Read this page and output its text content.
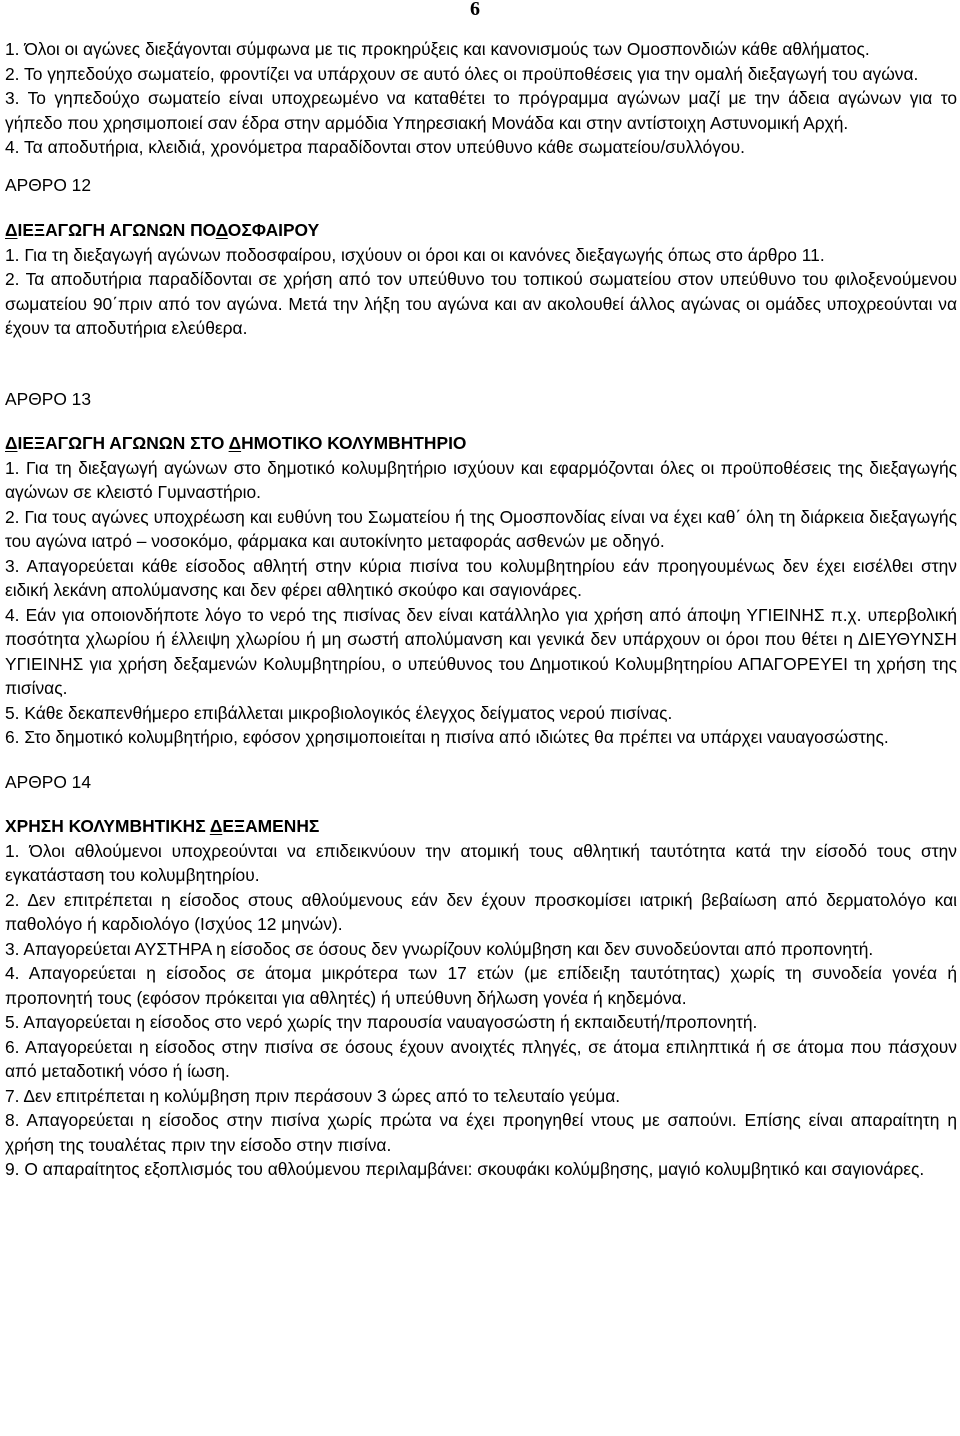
6

1. Όλοι οι αγώνες διεξάγονται σύμφωνα με τις προκηρύξεις και κανονισμούς των Ομοσπονδιών κάθε αθλήματος.

2. Το γηπεδούχο σωματείο, φροντίζει να υπάρχουν σε αυτό όλες οι προϋποθέσεις για την ομαλή διεξαγωγή του αγώνα.

3. Το γηπεδούχο σωματείο είναι υποχρεωμένο να καταθέτει το πρόγραμμα αγώνων μαζί με την άδεια αγώνων για το γήπεδο που χρησιμοποιεί σαν έδρα στην αρμόδια Υπηρεσιακή Μονάδα και στην αντίστοιχη Αστυνομική Αρχή.

4. Τα αποδυτήρια, κλειδιά, χρονόμετρα παραδίδονται στον υπεύθυνο κάθε σωματείου/συλλόγου.

ΑΡΘΡΟ 12

ΔΙΕΞΑΓΩΓΗ ΑΓΩΝΩΝ ΠΟΔΟΣΦΑΙΡΟΥ

1. Για τη διεξαγωγή αγώνων ποδοσφαίρου, ισχύουν οι όροι και οι κανόνες διεξαγωγής όπως στο άρθρο 11.

2. Τα αποδυτήρια παραδίδονται σε χρήση από τον υπεύθυνο του τοπικού σωματείου στον υπεύθυνο του φιλοξενούμενου σωματείου 90΄πριν από τον αγώνα. Μετά την λήξη του αγώνα και αν ακολουθεί άλλος αγώνας οι ομάδες υποχρεούνται να έχουν τα αποδυτήρια ελεύθερα.

ΑΡΘΡΟ 13

ΔΙΕΞΑΓΩΓΗ ΑΓΩΝΩΝ ΣΤΟ ΔΗΜΟΤΙΚΟ ΚΟΛΥΜΒΗΤΗΡΙΟ

1. Για τη διεξαγωγή αγώνων στο δημοτικό κολυμβητήριο ισχύουν και εφαρμόζονται όλες οι προϋποθέσεις της διεξαγωγής αγώνων σε κλειστό Γυμναστήριο.

2. Για τους αγώνες υποχρέωση και ευθύνη του Σωματείου ή της Ομοσπονδίας είναι να έχει καθ΄ όλη τη διάρκεια διεξαγωγής του αγώνα ιατρό – νοσοκόμο, φάρμακα και αυτοκίνητο μεταφοράς ασθενών με οδηγό.

3. Απαγορεύεται κάθε είσοδος αθλητή στην κύρια πισίνα του κολυμβητηρίου εάν προηγουμένως δεν έχει εισέλθει στην ειδική λεκάνη απολύμανσης και δεν φέρει αθλητικό σκούφο και σαγιονάρες.

4. Εάν για οποιονδήποτε λόγο το νερό της πισίνας δεν είναι κατάλληλο για χρήση από άποψη ΥΓΙΕΙΝΗΣ π.χ. υπερβολική ποσότητα χλωρίου ή έλλειψη χλωρίου ή μη σωστή απολύμανση και γενικά δεν υπάρχουν οι όροι που θέτει η ΔΙΕΥΘΥΝΣΗ ΥΓΙΕΙΝΗΣ για χρήση δεξαμενών Κολυμβητηρίου, ο υπεύθυνος του Δημοτικού Κολυμβητηρίου ΑΠΑΓΟΡΕΥΕΙ τη χρήση της πισίνας.

5. Κάθε δεκαπενθήμερο επιβάλλεται μικροβιολογικός έλεγχος δείγματος νερού πισίνας.

6. Στο δημοτικό κολυμβητήριο, εφόσον χρησιμοποιείται η πισίνα από ιδιώτες θα πρέπει να υπάρχει ναυαγοσώστης.

ΑΡΘΡΟ 14

ΧΡΗΣΗ ΚΟΛΥΜΒΗΤΙΚΗΣ ΔΕΞΑΜΕΝΗΣ

1. Όλοι αθλούμενοι υποχρεούνται να επιδεικνύουν την ατομική τους αθλητική ταυτότητα κατά την είσοδό τους στην εγκατάσταση του κολυμβητηρίου.

2. Δεν επιτρέπεται η είσοδος στους αθλούμενους εάν δεν έχουν προσκομίσει ιατρική βεβαίωση από δερματολόγο και παθολόγο ή καρδιολόγο (Ισχύος 12 μηνών).

3. Απαγορεύεται ΑΥΣΤΗΡΑ η είσοδος σε όσους δεν γνωρίζουν κολύμβηση και δεν συνοδεύονται από προπονητή.

4. Απαγορεύεται η είσοδος σε άτομα μικρότερα των 17 ετών (με επίδειξη ταυτότητας) χωρίς τη συνοδεία γονέα ή προπονητή τους (εφόσον πρόκειται για αθλητές) ή υπεύθυνη δήλωση γονέα ή κηδεμόνα.

5. Απαγορεύεται η είσοδος στο νερό χωρίς την παρουσία ναυαγοσώστη ή εκπαιδευτή/προπονητή.

6. Απαγορεύεται η είσοδος στην πισίνα σε όσους έχουν ανοιχτές πληγές, σε άτομα επιληπτικά ή σε άτομα που πάσχουν από μεταδοτική νόσο ή ίωση.

7. Δεν επιτρέπεται η κολύμβηση πριν περάσουν 3 ώρες από το τελευταίο γεύμα.

8. Απαγορεύεται η είσοδος στην πισίνα χωρίς πρώτα να έχει προηγηθεί ντους με σαπούνι. Επίσης είναι απαραίτητη η χρήση της τουαλέτας πριν την είσοδο στην πισίνα.

9. Ο απαραίτητος εξοπλισμός του αθλούμενου περιλαμβάνει: σκουφάκι κολύμβησης, μαγιό κολυμβητικό και σαγιονάρες.
